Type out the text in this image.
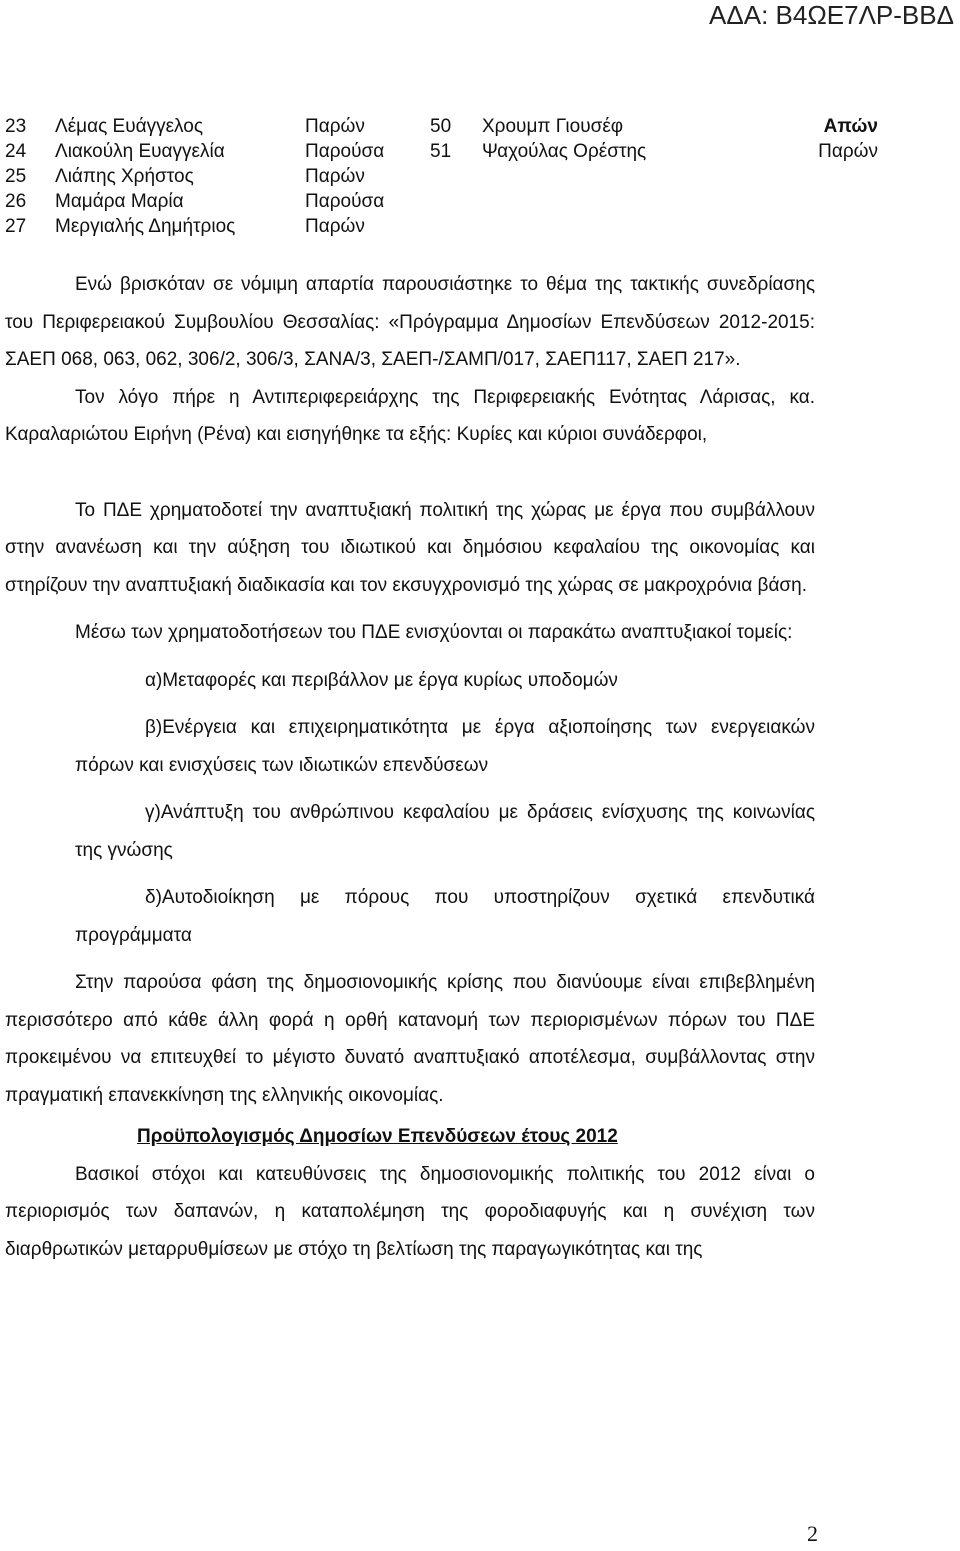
ΑΔΑ: Β4ΩΕ7ΛΡ-ΒΒΔ
23 Λέμας Ευάγγελος	Παρών	50 Χρουμπ Γιουσέφ	Απών
24 Λιακούλη Ευαγγελία	Παρούσα 51 Ψαχούλας Ορέστης	Παρών
25 Λιάπης Χρήστος	Παρών
26 Μαμάρα Μαρία	Παρούσα
27 Μεργιαλής Δημήτριος	Παρών

Ενώ βρισκόταν σε νόμιμη απαρτία παρουσιάστηκε το θέμα της τακτικής συνεδρίασης του Περιφερειακού Συμβουλίου Θεσσαλίας: «Πρόγραμμα Δημοσίων Επενδύσεων 2012-2015: ΣΑΕΠ 068, 063, 062, 306/2, 306/3, ΣΑΝΑ/3, ΣΑΕΠ-/ΣΑΜΠ/017, ΣΑΕΠ117, ΣΑΕΠ 217».

Τον λόγο πήρε η Αντιπεριφερειάρχης της Περιφερειακής Ενότητας Λάρισας, κα. Καραλαριώτου Ειρήνη (Ρένα) και εισηγήθηκε τα εξής: Κυρίες και κύριοι συνάδερφοι,

Το ΠΔΕ χρηματοδοτεί την αναπτυξιακή πολιτική της χώρας με έργα που συμβάλλουν στην ανανέωση και την αύξηση του ιδιωτικού και δημόσιου κεφαλαίου της οικονομίας και στηρίζουν την αναπτυξιακή διαδικασία και τον εκσυγχρονισμό της χώρας σε μακροχρόνια βάση.

Μέσω των χρηματοδοτήσεων του ΠΔΕ ενισχύονται οι παρακάτω αναπτυξιακοί τομείς:

α)Μεταφορές και περιβάλλον με έργα κυρίως υποδομών

β)Ενέργεια και επιχειρηματικότητα με έργα αξιοποίησης των ενεργειακών πόρων και ενισχύσεις των ιδιωτικών επενδύσεων

γ)Ανάπτυξη του ανθρώπινου κεφαλαίου με δράσεις ενίσχυσης της κοινωνίας της γνώσης

δ)Αυτοδιοίκηση με πόρους που υποστηρίζουν σχετικά επενδυτικά προγράμματα

Στην παρούσα φάση της δημοσιονομικής κρίσης που διανύουμε είναι επιβεβλημένη περισσότερο από κάθε άλλη φορά η ορθή κατανομή των περιορισμένων πόρων του ΠΔΕ προκειμένου να επιτευχθεί το μέγιστο δυνατό αναπτυξιακό αποτέλεσμα, συμβάλλοντας στην πραγματική επανεκκίνηση της ελληνικής οικονομίας.

Προϋπολογισμός Δημοσίων Επενδύσεων έτους 2012

Βασικοί στόχοι και κατευθύνσεις της δημοσιονομικής πολιτικής του 2012 είναι ο περιορισμός των δαπανών, η καταπολέμηση της φοροδιαφυγής και η συνέχιση των διαρθρωτικών μεταρρυθμίσεων με στόχο τη βελτίωση της παραγωγικότητας και της

2
